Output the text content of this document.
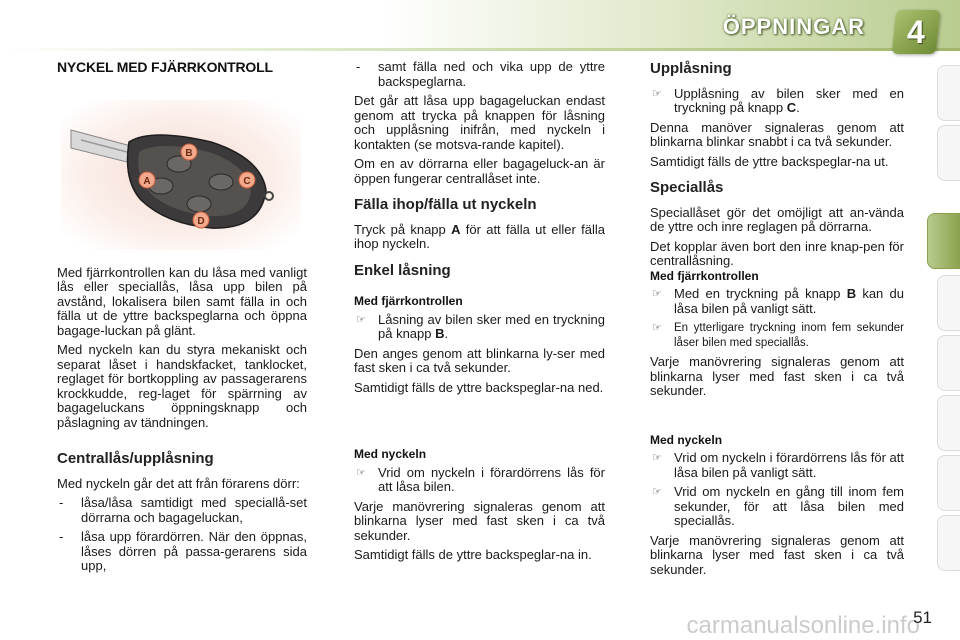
ÖPPNINGAR	4
NYCKEL MED FJÄRRKONTROLL
B
A	C
D

Med fjärrkontrollen kan du låsa med vanligt lås eller speciallås, låsa upp bilen på avstånd, lokalisera bilen samt fälla in och fälla ut de yttre backspeglarna och öppna bagage-luckan på glänt.

Med nyckeln kan du styra mekaniskt och separat låset i handskfacket, tanklocket, reglaget för bortkoppling av passagerarens krockkudde, reg-laget för spärrning av bagageluckans öppningsknapp och påslagning av tändningen.

Centrallås/upplåsning

Med nyckeln går det att från förarens dörr:

- låsa/låsa samtidigt med speciallå-set dörrarna och bagageluckan,
- låsa upp förardörren. När den öppnas, låses dörren på passa-gerarens sida upp,
- samt fälla ned och vika upp de yttre backspeglarna.

Det går att låsa upp bagageluckan endast genom att trycka på knappen för låsning och upplåsning inifrån, med nyckeln i kontakten (se motsva-rande kapitel).

Om en av dörrarna eller bagageluck-an är öppen fungerar centrallåset inte.

Fälla ihop/fälla ut nyckeln

Tryck på knapp A för att fälla ut eller fälla ihop nyckeln.

Enkel låsning
Med fjärrkontrollen
☞ Låsning av bilen sker med en tryckning på knapp B.

Den anges genom att blinkarna ly-ser med fast sken i ca två sekunder.

Samtidigt fälls de yttre backspeglar-na ned.

Med nyckeln
☞ Vrid om nyckeln i förardörrens lås för att låsa bilen.

Varje manövrering signaleras genom att blinkarna lyser med fast sken i ca två sekunder.

Samtidigt fälls de yttre backspeglar-na in.

Upplåsning
☞ Upplåsning av bilen sker med en tryckning på knapp C.

Denna manöver signaleras genom att blinkarna blinkar snabbt i ca två sekunder.

Samtidigt fälls de yttre backspeglar-na ut.

Speciallås

Speciallåset gör det omöjligt att an-vända de yttre och inre reglagen på dörrarna.

Det kopplar även bort den inre knap-pen för centrallåsning.

Med fjärrkontrollen
☞ Med en tryckning på knapp B kan du låsa bilen på vanligt sätt.
☞ En ytterligare tryckning inom fem sekunder låser bilen med speciallås.

Varje manövrering signaleras genom att blinkarna lyser med fast sken i ca två sekunder.

Med nyckeln
☞ Vrid om nyckeln i förardörrens lås för att låsa bilen på vanligt sätt.
☞ Vrid om nyckeln en gång till inom fem sekunder, för att låsa bilen med speciallås.

Varje manövrering signaleras genom att blinkarna lyser med fast sken i ca två sekunder.

carmanualsonline.info
51
